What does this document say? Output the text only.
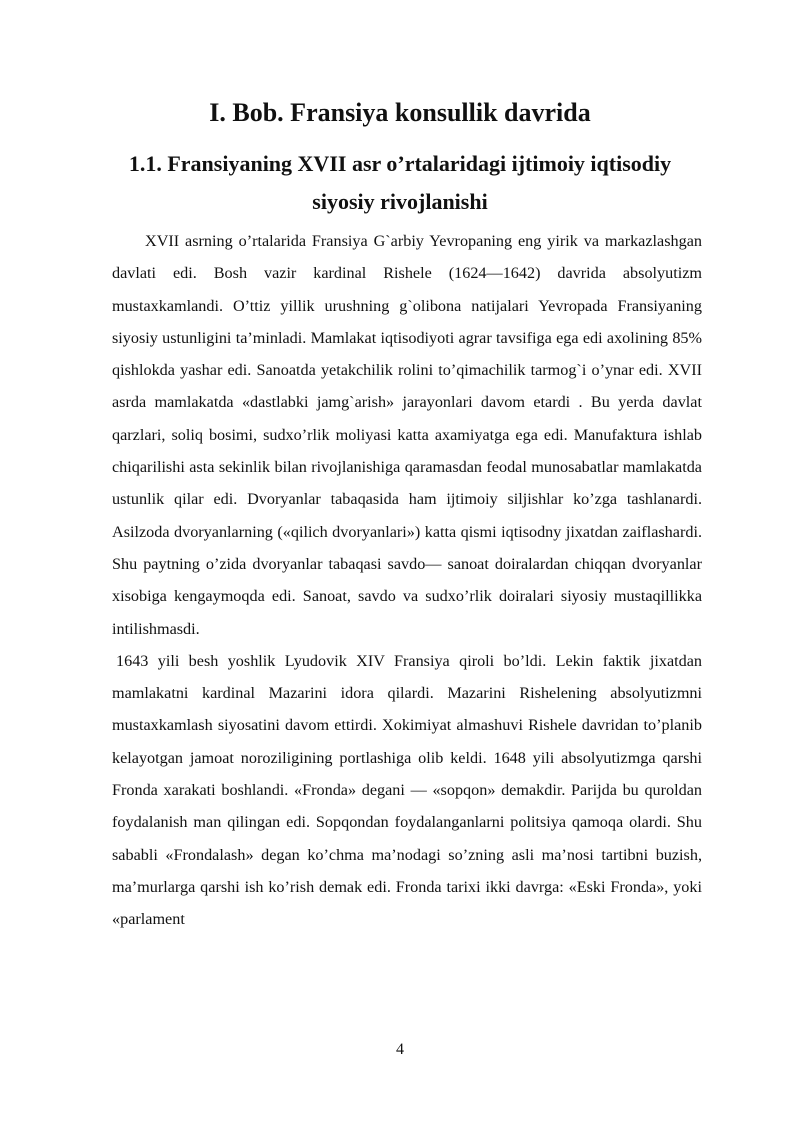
I. Bob. Fransiya konsullik davrida
1.1. Fransiyaning XVII asr o’rtalaridagi ijtimoiy iqtisodiy siyosiy rivojlanishi

XVII asrning o’rtalarida Fransiya G`arbiy Yevropaning eng yirik va markazlashgan davlati edi. Bosh vazir kardinal Rishele (1624—1642) davrida absolyutizm mustaxkamlandi. O’ttiz yillik urushning g`olibona natijalari Yevropada Fransiyaning siyosiy ustunligini ta’minladi. Mamlakat iqtisodiyoti agrar tavsifiga ega edi axolining 85% qishlokda yashar edi. Sanoatda yetakchilik rolini to’qimachilik tarmog`i o’ynar edi. XVII asrda mamlakatda «dastlabki jamg`arish» jarayonlari davom etardi . Bu yerda davlat qarzlari, soliq bosimi, sudxo’rlik moliyasi katta axamiyatga ega edi. Manufaktura ishlab chiqarilishi asta sekinlik bilan rivojlanishiga qaramasdan feodal munosabatlar mamlakatda ustunlik qilar edi. Dvoryanlar tabaqasida ham ijtimoiy siljishlar ko’zga tashlanardi. Asilzoda dvoryanlarning («qilich dvoryanlari») katta qismi iqtisodny jixatdan zaiflashardi. Shu paytning o’zida dvoryanlar tabaqasi savdo— sanoat doiralardan chiqqan dvoryanlar xisobiga kengaymoqda edi. Sanoat, savdo va sudxo’rlik doiralari siyosiy mustaqillikka intilishmasdi.

1643 yili besh yoshlik Lyudovik XIV Fransiya qiroli bo’ldi. Lekin faktik jixatdan mamlakatni kardinal Mazarini idora qilardi. Mazarini Rishelening absolyutizmni mustaxkamlash siyosatini davom ettirdi. Xokimiyat almashuvi Rishele davridan to’planib kelayotgan jamoat noroziligining portlashiga olib keldi. 1648 yili absolyutizmga qarshi Fronda xarakati boshlandi. «Fronda» degani — «sopqon» demakdir. Parijda bu quroldan foydalanish man qilingan edi. Sopqondan foydalanganlarni politsiya qamoqa olardi. Shu sababli «Frondalash» degan ko’chma ma’nodagi so’zning asli ma’nosi tartibni buzish, ma’murlarga qarshi ish ko’rish demak edi. Fronda tarixi ikki davrga: «Eski Fronda», yoki «parlament

4
